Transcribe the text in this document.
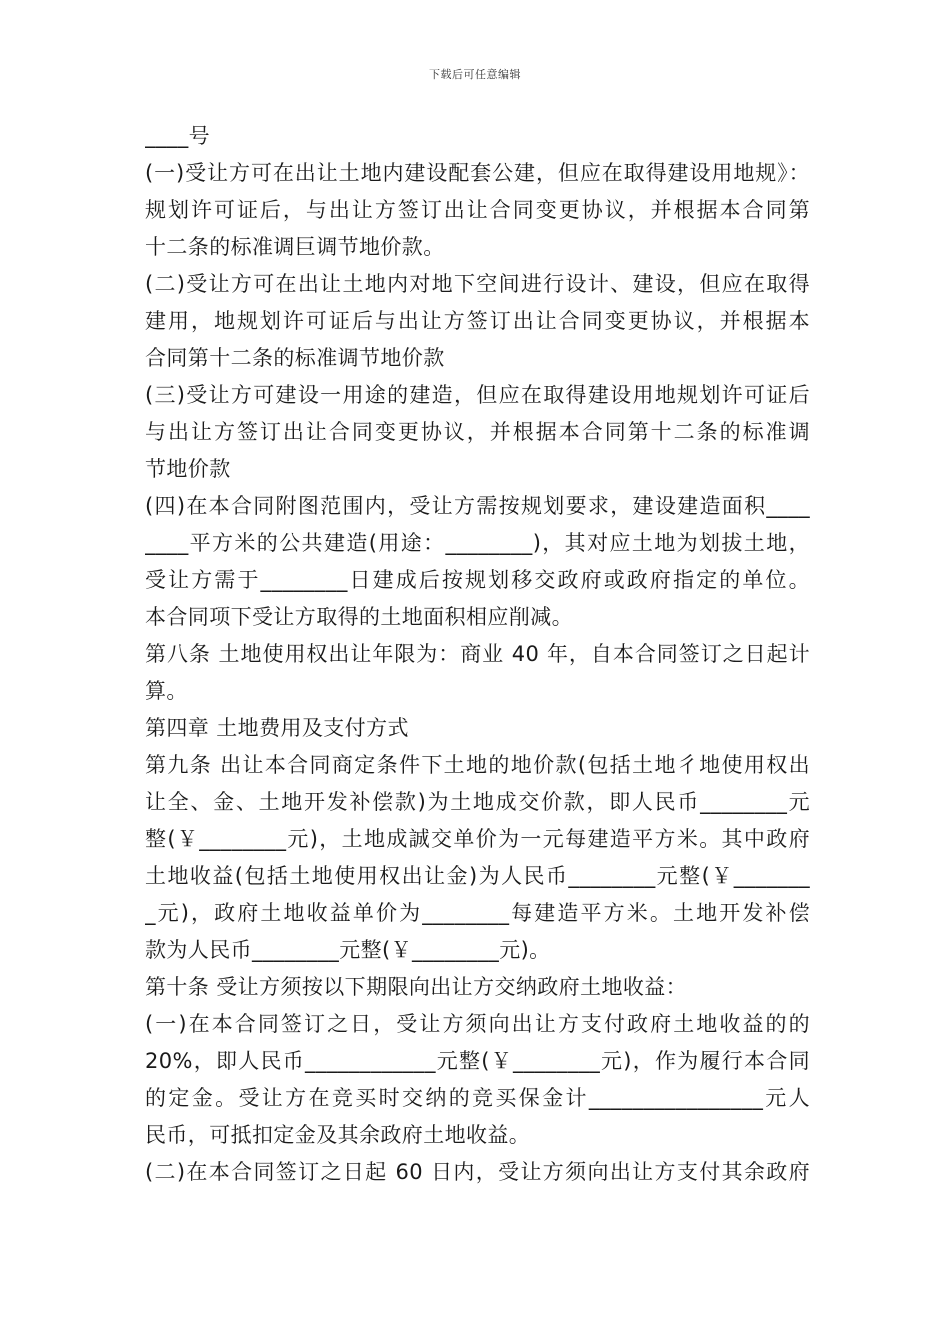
下载后可任意编辑
____号
(一)受让方可在出让土地内建设配套公建，但应在取得建设用地规》：
规划许可证后，与出让方签订出让合同变更协议，并根据本合同第
十二条的标准调巨调节地价款。
(二)受让方可在出让土地内对地下空间进行设计、建设，但应在取得
建用，地规划许可证后与出让方签订出让合同变更协议，并根据本
合同第十二条的标准调节地价款
(三)受让方可建设一用途的建造，但应在取得建设用地规划许可证后
与出让方签订出让合同变更协议，并根据本合同第十二条的标准调
节地价款
(四)在本合同附图范围内，受让方需按规划要求，建设建造面积____
____平方米的公共建造(用途：________)，其对应土地为划拔土地，
受让方需于________日建成后按规划移交政府或政府指定的单位。
本合同项下受让方取得的土地面积相应削减。
第八条 土地使用权出让年限为：商业 40 年，自本合同签订之日起计
算。
第四章 土地费用及支付方式
第九条 出让本合同商定条件下土地的地价款(包括土地彳地使用权出
让全、金、土地开发补偿款)为土地成交价款，即人民币________元
整(￥________元)，土地成誠交单价为一元每建造平方米。其中政府
土地收益(包括土地使用权出让金)为人民币________元整(￥_______
_元)，政府土地收益单价为________每建造平方米。土地开发补偿
款为人民币________元整(￥________元)。
第十条 受让方须按以下期限向出让方交纳政府土地收益：
(一)在本合同签订之日，受让方须向出让方支付政府土地收益的的
20%，即人民币____________元整(￥________元)，作为履行本合同
的定金。受让方在竞买时交纳的竞买保金计________________元人
民币，可抵扣定金及其余政府土地收益。
(二)在本合同签订之日起 60 日内，受让方须向出让方支付其余政府
